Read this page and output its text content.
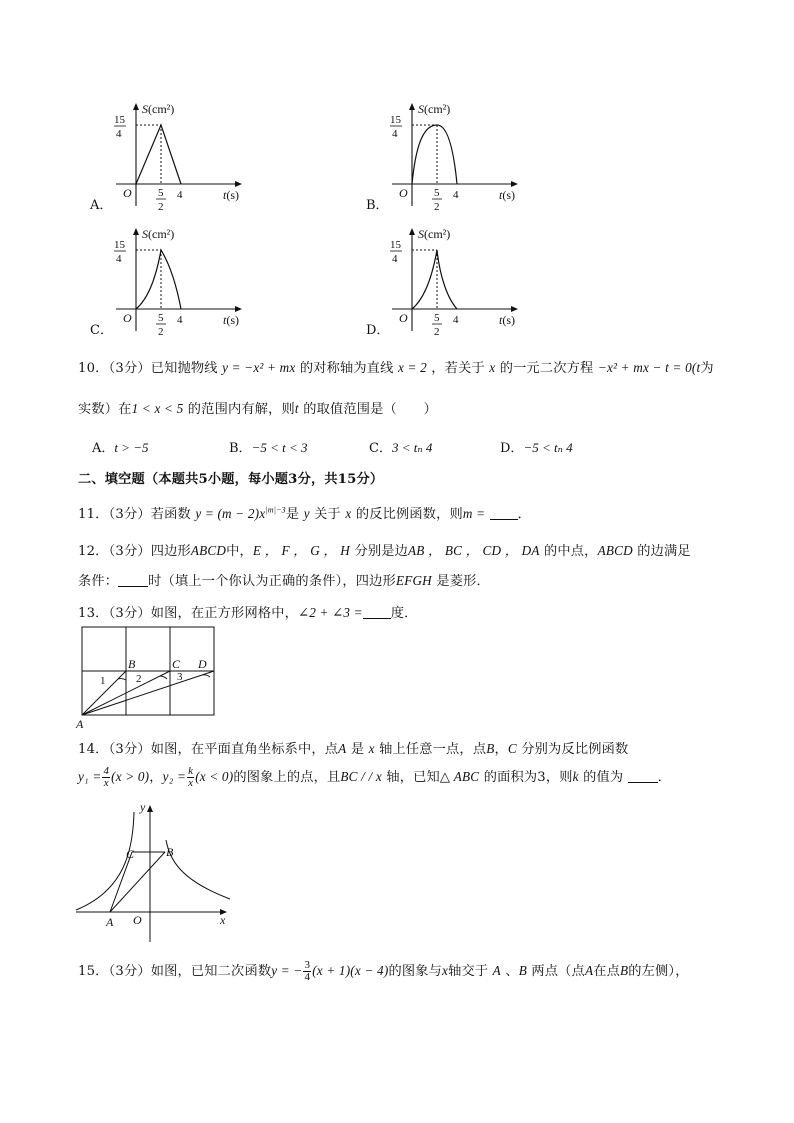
S(cm²)
15
4
O 5
2
4	t(s)
A．
S(cm²)
15
4
O 5
2
4	t(s)
B．
S(cm²)
15
4
O 5
2
4	t(s)
C．
S(cm²)
15
4
O 5
2
4	t(s)
D．
10．（3分）已知抛物线 y = −x² + mx 的对称轴为直线 x = 2 ，若关于 x 的一元二次方程 −x² + mx − t = 0(t为
实数）在1 < x < 5 的范围内有解，则t 的取值范围是（　　）
A．t > −5	B．−5 < t < 3	C．3 < tₙ 4	D．−5 < tₙ 4
二、填空题（本题共5小题，每小题3分，共15分）
11．（3分）若函数 $y = (m - 2)x^{|m|-3}$是 y 关于 x 的反比例函数，则m = ．
12．（3分）四边形ABCD中，E ， F ， G ， H 分别是边AB ， BC ， CD ， DA 的中点，ABCD 的边满足
条件： 时（填上一个你认为正确的条件），四边形EFGH 是菱形．
13．（3分）如图，在正方形网格中，∠2 + ∠3 = 度．
A
B	C D
1	2	3
14．（3分）如图，在平面直角坐标系中，点A 是 x 轴上任意一点，点B，C 分别为反比例函数
$y_1 = \frac{4}{x} (x > 0)$，$y_2 = \frac{k}{x} (x < 0)$的图象上的点，且BC / / x 轴，已知△ ABC 的面积为3，则k 的值为	．
y
x
O
A
B
C
15．（3分）如图，已知二次函数y = − $\frac{3}{4} (x + 1)(x - 4)$的图象与x轴交于 A 、B 两点（点A在点B的左侧），
